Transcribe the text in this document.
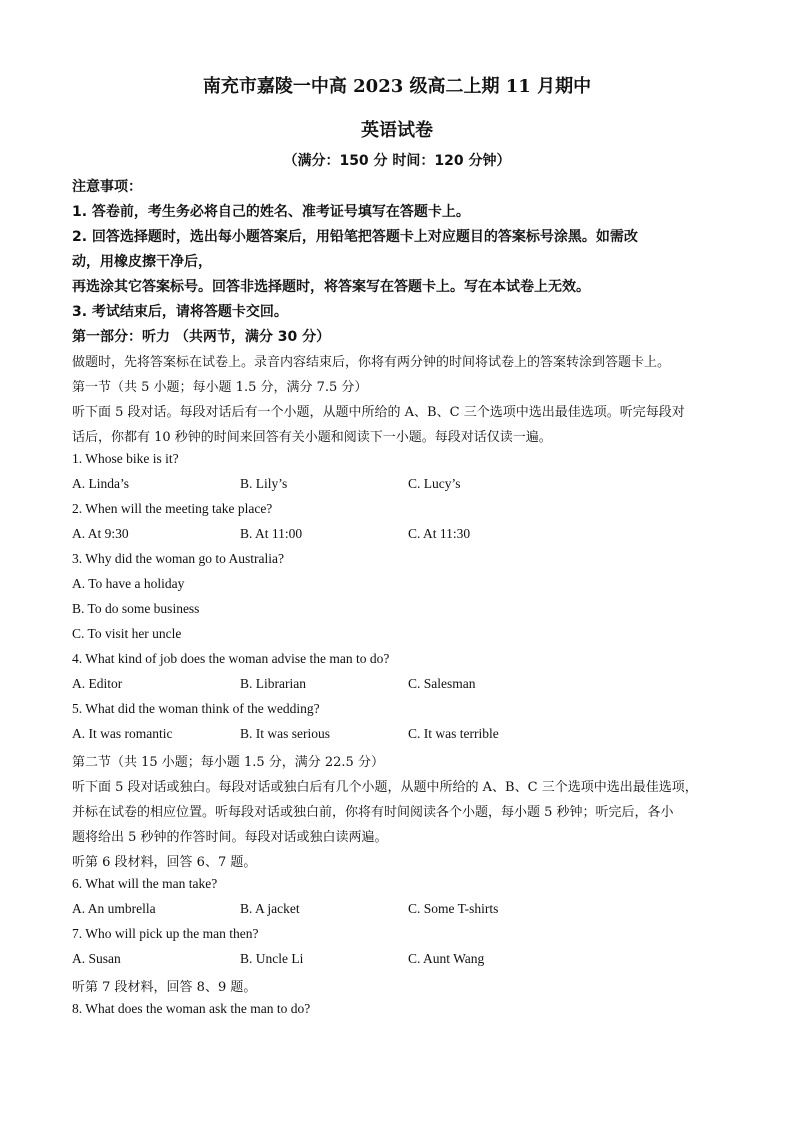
南充市嘉陵一中高 2023 级高二上期 11 月期中
英语试卷
（满分：150 分 时间：120 分钟）
注意事项：
1. 答卷前，考生务必将自己的姓名、准考证号填写在答题卡上。
2. 回答选择题时，选出每小题答案后，用铅笔把答题卡上对应题目的答案标号涂黑。如需改
动，用橡皮擦干净后，
再选涂其它答案标号。回答非选择题时，将答案写在答题卡上。写在本试卷上无效。
3. 考试结束后，请将答题卡交回。
第一部分：听力 （共两节，满分 30 分）
做题时，先将答案标在试卷上。录音内容结束后，你将有两分钟的时间将试卷上的答案转涂到答题卡上。
第一节（共 5 小题；每小题 1.5 分，满分 7.5 分）
听下面 5 段对话。每段对话后有一个小题，从题中所给的 A、B、C 三个选项中选出最佳选项。听完每段对
话后，你都有 10 秒钟的时间来回答有关小题和阅读下一小题。每段对话仅读一遍。
1. Whose bike is it?
A. Linda’s	B. Lily’s	C. Lucy’s
2. When will the meeting take place?
A. At 9:30	B. At 11:00	C. At 11:30
3. Why did the woman go to Australia?
A. To have a holiday
B. To do some business
C. To visit her uncle
4. What kind of job does the woman advise the man to do?
A. Editor	B. Librarian	C. Salesman
5. What did the woman think of the wedding?
A. It was romantic	B. It was serious	C. It was terrible
第二节（共 15 小题；每小题 1.5 分，满分 22.5 分）
听下面 5 段对话或独白。每段对话或独白后有几个小题，从题中所给的 A、B、C 三个选项中选出最佳选项，
并标在试卷的相应位置。听每段对话或独白前，你将有时间阅读各个小题，每小题 5 秒钟；听完后，各小
题将给出 5 秒钟的作答时间。每段对话或独白读两遍。
听第 6 段材料，回答 6、7 题。
6. What will the man take?
A. An umbrella	B. A jacket	C. Some T-shirts
7. Who will pick up the man then?
A. Susan	B. Uncle Li	C. Aunt Wang
听第 7 段材料，回答 8、9 题。
8. What does the woman ask the man to do?
